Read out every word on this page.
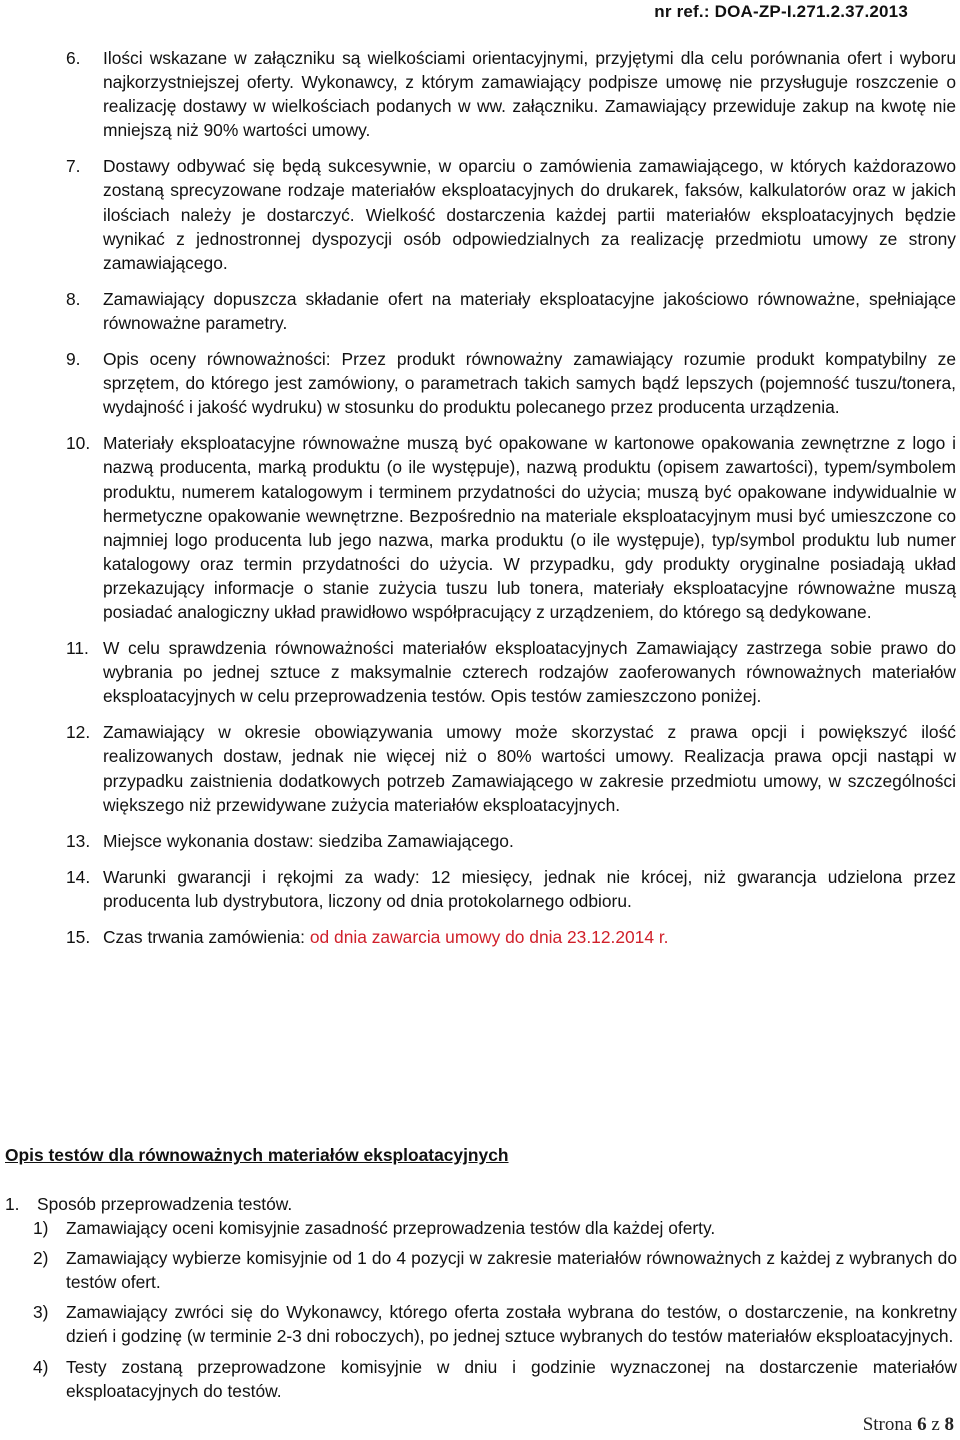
nr ref.: DOA-ZP-I.271.2.37.2013
6.	Ilości wskazane w załączniku są wielkościami orientacyjnymi, przyjętymi dla celu porównania ofert i wyboru najkorzystniejszej oferty. Wykonawcy, z którym zamawiający podpisze umowę nie przysługuje roszczenie o realizację dostawy w wielkościach podanych w ww. załączniku. Zamawiający przewiduje zakup na kwotę nie mniejszą niż 90% wartości umowy.
7.	Dostawy odbywać się będą sukcesywnie, w oparciu o zamówienia zamawiającego, w których każdorazowo zostaną sprecyzowane rodzaje materiałów eksploatacyjnych do drukarek, faksów, kalkulatorów oraz w jakich ilościach należy je dostarczyć. Wielkość dostarczenia każdej partii materiałów eksploatacyjnych będzie wynikać z jednostronnej dyspozycji osób odpowiedzialnych za realizację przedmiotu umowy ze strony zamawiającego.
8.	Zamawiający dopuszcza składanie ofert na materiały eksploatacyjne jakościowo równoważne, spełniające równoważne parametry.
9.	Opis oceny równoważności: Przez produkt równoważny zamawiający rozumie produkt kompatybilny ze sprzętem, do którego jest zamówiony, o parametrach takich samych bądź lepszych (pojemność tuszu/tonera, wydajność i jakość wydruku) w stosunku do produktu polecanego przez producenta urządzenia.
10. Materiały eksploatacyjne równoważne muszą być opakowane w kartonowe opakowania zewnętrzne z logo i nazwą producenta, marką produktu (o ile występuje), nazwą produktu (opisem zawartości), typem/symbolem produktu, numerem katalogowym i terminem przydatności do użycia; muszą być opakowane indywidualnie w hermetyczne opakowanie wewnętrzne. Bezpośrednio na materiale eksploatacyjnym musi być umieszczone co najmniej logo producenta lub jego nazwa, marka produktu (o ile występuje), typ/symbol produktu lub numer katalogowy oraz termin przydatności do użycia. W przypadku, gdy produkty oryginalne posiadają układ przekazujący informacje o stanie zużycia tuszu lub tonera, materiały eksploatacyjne równoważne muszą posiadać analogiczny układ prawidłowo współpracujący z urządzeniem, do którego są dedykowane.
11. W celu sprawdzenia równoważności materiałów eksploatacyjnych Zamawiający zastrzega sobie prawo do wybrania po jednej sztuce z maksymalnie czterech rodzajów zaoferowanych równoważnych materiałów eksploatacyjnych w celu przeprowadzenia testów. Opis testów zamieszczono poniżej.
12. Zamawiający w okresie obowiązywania umowy może skorzystać z prawa opcji i powiększyć ilość realizowanych dostaw, jednak nie więcej niż o 80% wartości umowy. Realizacja prawa opcji nastąpi w przypadku zaistnienia dodatkowych potrzeb Zamawiającego w zakresie przedmiotu umowy, w szczególności większego niż przewidywane zużycia materiałów eksploatacyjnych.
13. Miejsce wykonania dostaw: siedziba Zamawiającego.
14. Warunki gwarancji i rękojmi za wady: 12 miesięcy, jednak nie krócej, niż gwarancja udzielona przez producenta lub dystrybutora, liczony od dnia protokolarnego odbioru.
15. Czas trwania zamówienia: od dnia zawarcia umowy do dnia 23.12.2014 r.
Opis testów dla równoważnych materiałów eksploatacyjnych
1.	Sposób przeprowadzenia testów.
1)	Zamawiający oceni komisyjnie zasadność przeprowadzenia testów dla każdej oferty.
2)	Zamawiający wybierze komisyjnie od 1 do 4 pozycji w zakresie materiałów równoważnych z każdej z wybranych do testów ofert.
3)	Zamawiający zwróci się do Wykonawcy, którego oferta została wybrana do testów, o dostarczenie, na konkretny dzień i godzinę (w terminie 2-3 dni roboczych), po jednej sztuce wybranych do testów materiałów eksploatacyjnych.
4)	Testy zostaną przeprowadzone komisyjnie w dniu i godzinie wyznaczonej na dostarczenie materiałów eksploatacyjnych do testów.
Strona 6 z 8
